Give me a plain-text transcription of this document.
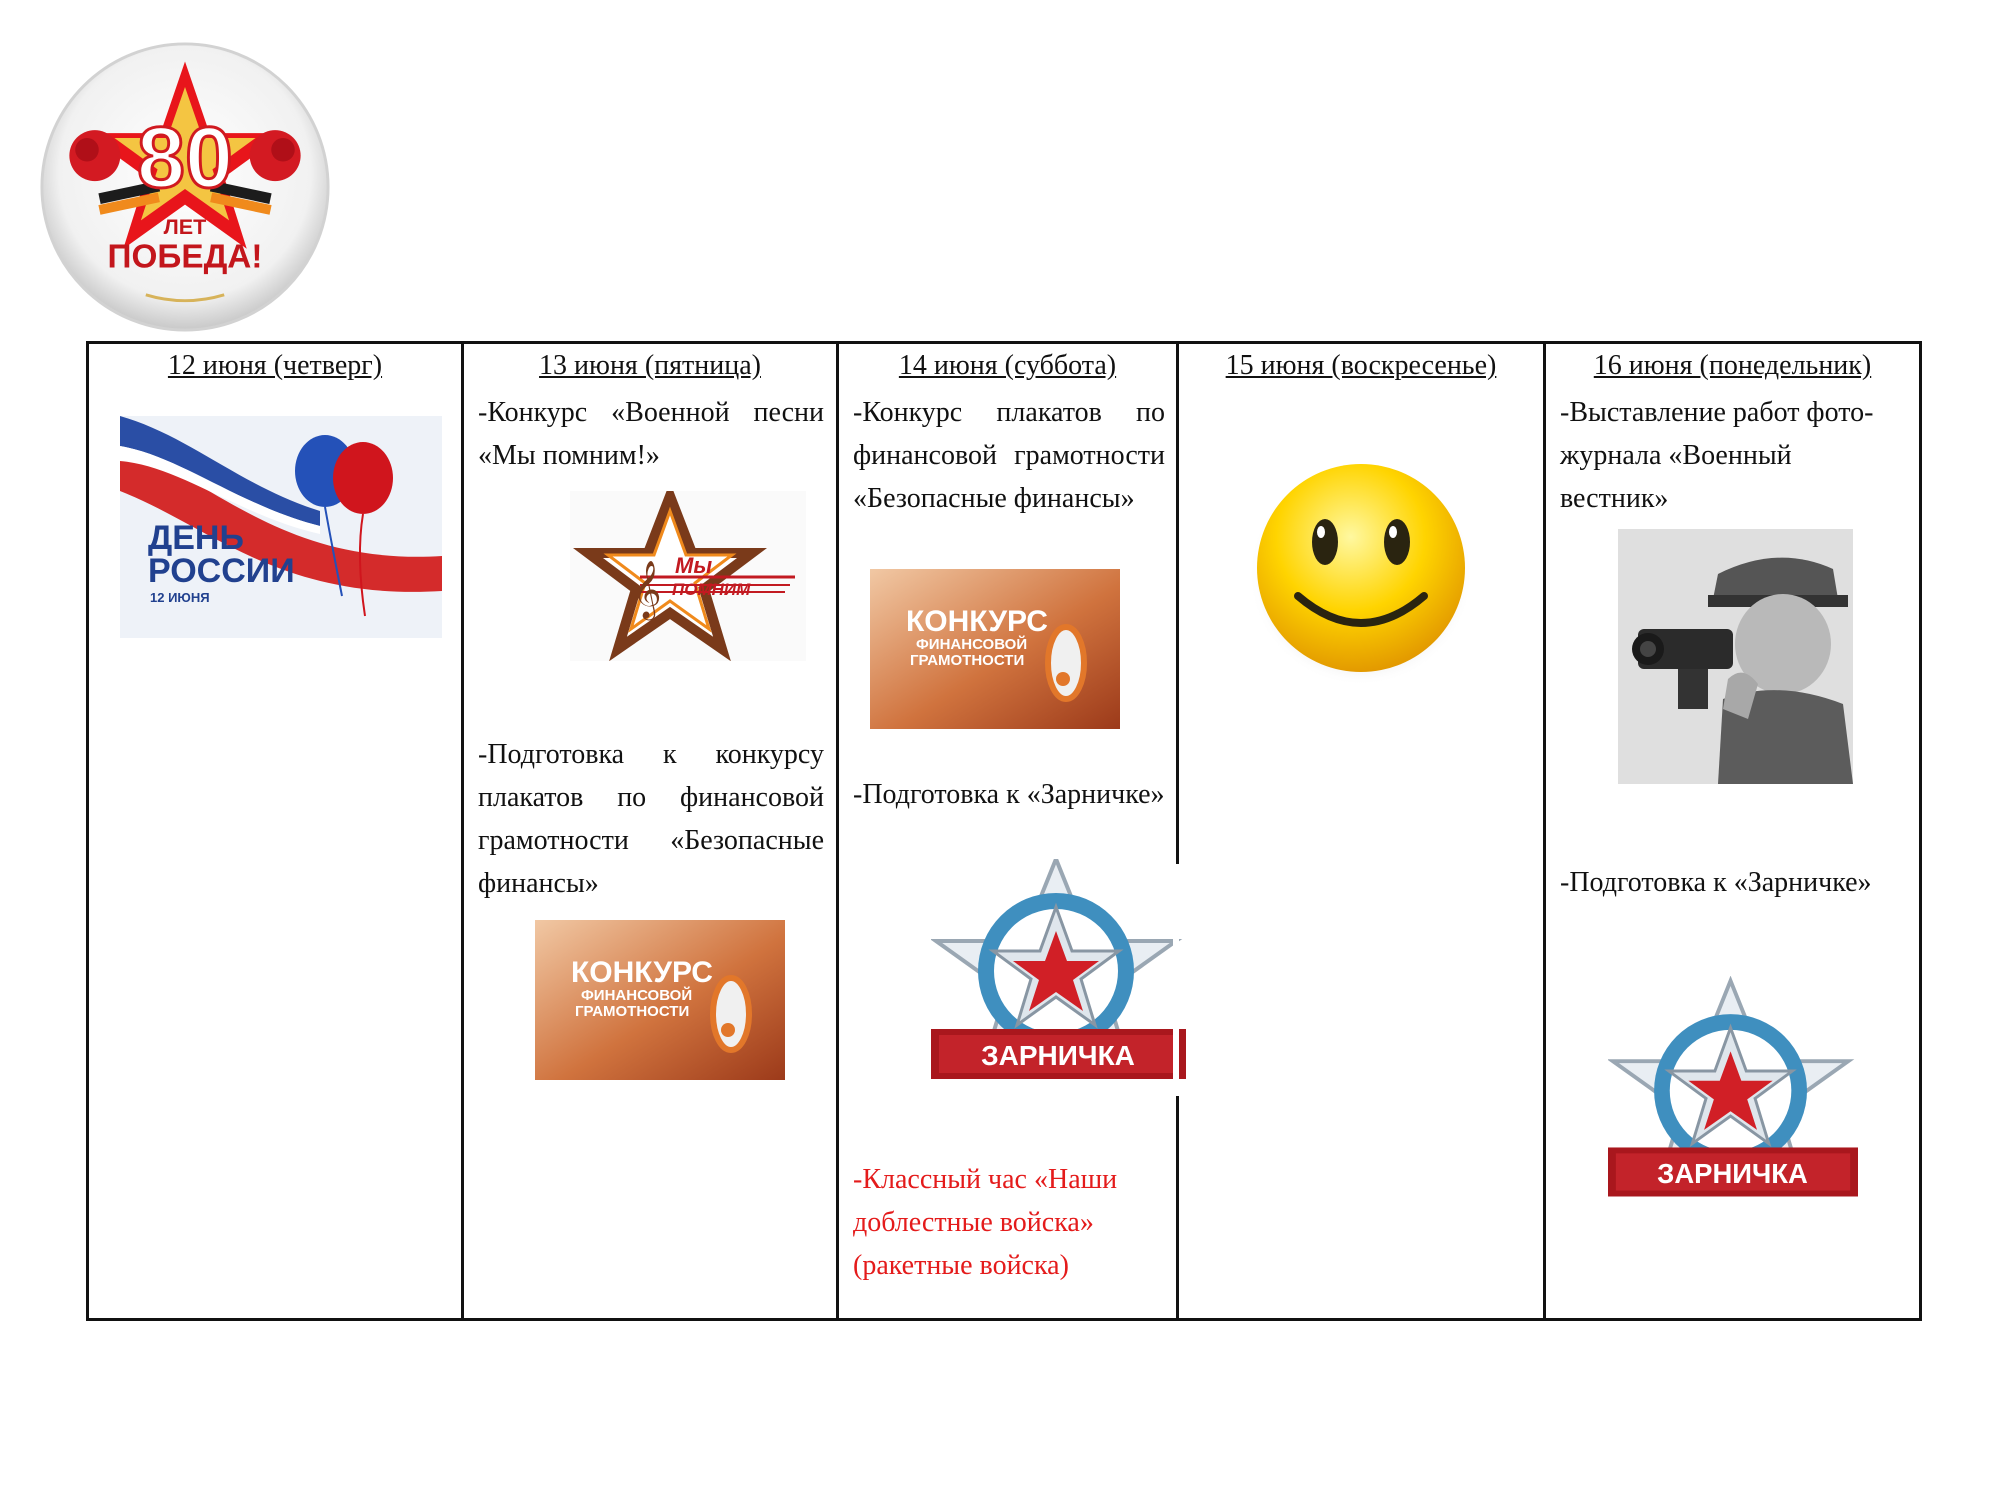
80
ЛЕТ
ПОБЕДА!
12 июня (четверг)
ДЕНЬ
РОССИИ
12 ИЮНЯ
13 июня (пятница)
-Конкурс «Военной песни «Мы помним!»
𝄞 Мы
ПОМНИМ
-Подготовка к конкурсу плакатов по финансовой грамотности «Безопасные финансы»
КОНКУРС
ФИНАНСОВОЙ
ГРАМОТНОСТИ
14 июня (суббота)
-Конкурс плакатов по финансовой грамотности «Безопасные финансы»
КОНКУРС
ФИНАНСОВОЙ
ГРАМОТНОСТИ
-Подготовка к «Зарничке»
ЗАРНИЧКА
-Классный час «Наши доблестные войска» (ракетные войска)
15 июня (воскресенье)	16 июня (понедельник)
-Выставление работ фото-журнала «Военный вестник»
-Подготовка к «Зарничке»
ЗАРНИЧКА
